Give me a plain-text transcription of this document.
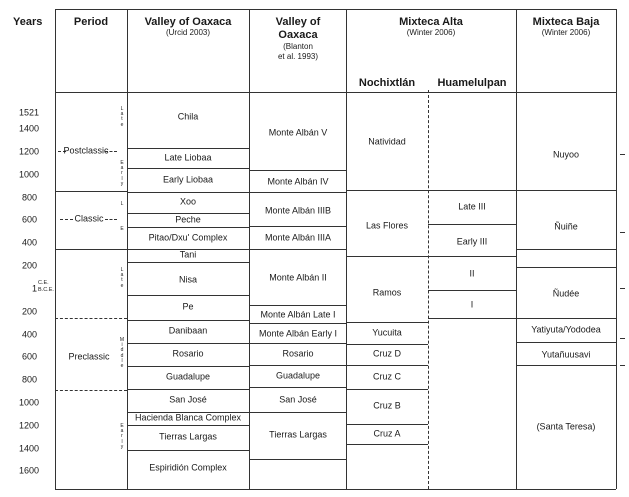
Years	Period	Valley of Oaxaca
(Urcid 2003)
Valley of
Oaxaca
(Blanton
et al. 1993)
Mixteca Alta
(Winter 2006)
Mixteca Baja
(Winter 2006)
Nochixtlán Huamelulpan
1521
1400
1200
1000
800
600
400
200
1
C.E.
B.C.E.
200
400
600
800
1000
1200
1400
1600
Postclassic
Classic
Preclassic
L
a
t
e
E
a
r
l
y
L
E
L
a
t
e
M
i
d
d
l
e
E
a
r
l
y
Chila
Late Liobaa
Early Liobaa
Xoo
Peche
Pitao/Dxu' Complex
Tani
Nisa
Pe
Danibaan
Rosario
Guadalupe
San José
Hacienda Blanca Complex
Tierras Largas
Espiridión Complex
Monte Albán V
Monte Albán IV
Monte Albán IIIB
Monte Albán IIIA
Monte Albán II
Monte Albán Late I
Monte Albán Early I
Rosario
Guadalupe
San José
Tierras Largas
Natividad
Las Flores
Ramos
Yucuita
Cruz D
Cruz C
Cruz B
Cruz A
Late III
Early III
II
I
Nuyoo
Ñuiñe
Ñudée
Yatiyuta/Yododea
Yutañuusavi
(Santa Teresa)
